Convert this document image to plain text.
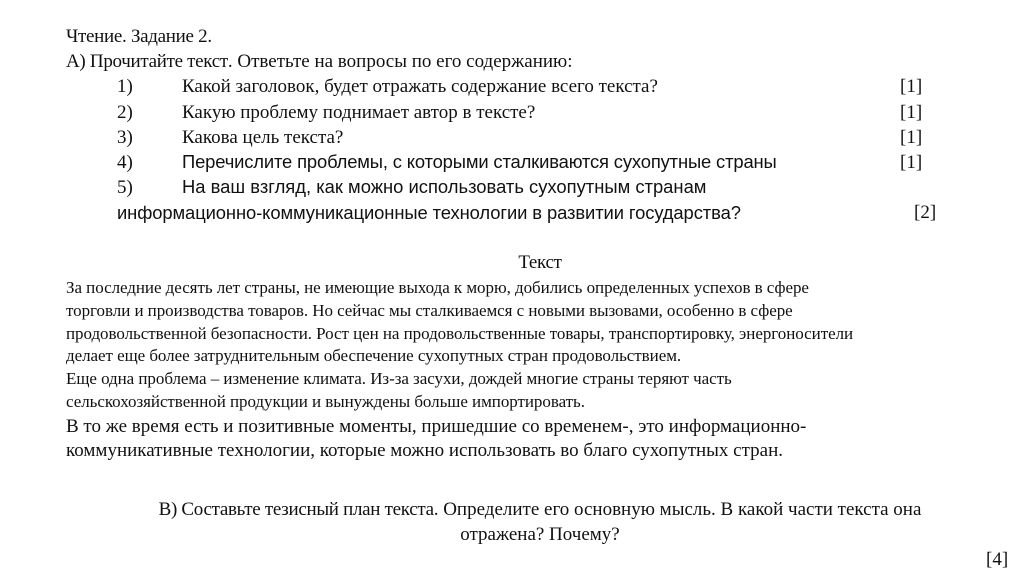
Чтение. Задание 2.
А) Прочитайте текст. Ответьте на вопросы по его содержанию:
1)	Какой заголовок, будет отражать содержание всего текста?	[1]
2)	Какую проблему поднимает автор в тексте?	[1]
3)	Какова цель текста?	[1]
4)	Перечислите проблемы, с которыми сталкиваются сухопутные страны	[1]
5)	На ваш взгляд, как можно использовать сухопутным странам
информационно-коммуникационные технологии в развитии государства?	[2]
Текст
За последние десять лет страны, не имеющие выхода к морю, добились определенных успехов в сфере
торговли и производства товаров. Но сейчас мы сталкиваемся с новыми вызовами, особенно в сфере
продовольственной безопасности. Рост цен на продовольственные товары, транспортировку, энергоносители
делает еще более затруднительным обеспечение сухопутных стран продовольствием.
Еще одна проблема – изменение климата. Из-за засухи, дождей многие страны теряют часть
сельскохозяйственной продукции и вынуждены больше импортировать.
В то же время есть и позитивные моменты, пришедшие со временем-, это информационно-
коммуникативные технологии, которые можно использовать во благо сухопутных стран.
В) Составьте тезисный план текста. Определите его основную мысль. В какой части текста она
отражена? Почему?
[4]
